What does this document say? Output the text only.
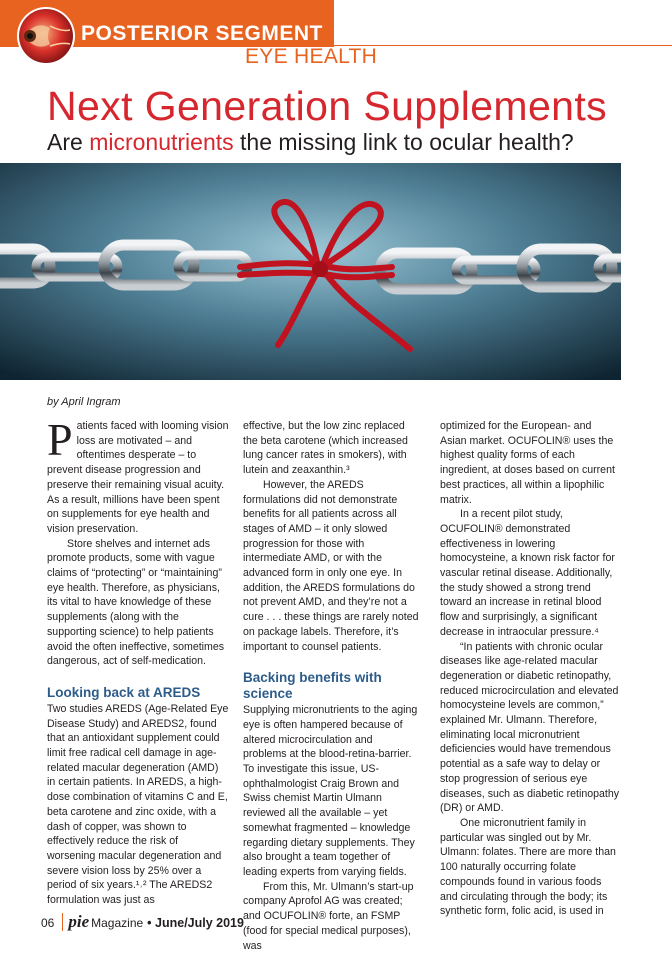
POSTERIOR SEGMENT
EYE HEALTH
Next Generation Supplements
Are micronutrients the missing link to ocular health?
by April Ingram

Patients faced with looming vision loss are motivated – and oftentimes desperate – to prevent disease progression and preserve their remaining visual acuity. As a result, millions have been spent on supplements for eye health and vision preservation.

Store shelves and internet ads promote products, some with vague claims of “protecting” or “maintaining” eye health. Therefore, as physicians, its vital to have knowledge of these supplements (along with the supporting science) to help patients avoid the often ineffective, sometimes dangerous, act of self-medication.

Looking back at AREDS

Two studies AREDS (Age-Related Eye Disease Study) and AREDS2, found that an antioxidant supplement could limit free radical cell damage in age-related macular degeneration (AMD) in certain patients. In AREDS, a high-dose combination of vitamins C and E, beta carotene and zinc oxide, with a dash of copper, was shown to effectively reduce the risk of worsening macular degeneration and severe vision loss by 25% over a period of six years.¹˒² The AREDS2 formulation was just as

effective, but the low zinc replaced the beta carotene (which increased lung cancer rates in smokers), with lutein and zeaxanthin.³

However, the AREDS formulations did not demonstrate benefits for all patients across all stages of AMD – it only slowed progression for those with intermediate AMD, or with the advanced form in only one eye. In addition, the AREDS formulations do not prevent AMD, and they’re not a cure . . . these things are rarely noted on package labels. Therefore, it’s important to counsel patients.

Backing benefits with science

Supplying micronutrients to the aging eye is often hampered because of altered microcirculation and problems at the blood-retina-barrier. To investigate this issue, US-ophthalmologist Craig Brown and Swiss chemist Martin Ulmann reviewed all the available – yet somewhat fragmented – knowledge regarding dietary supplements. They also brought a team together of leading experts from varying fields.

From this, Mr. Ulmann’s start-up company Aprofol AG was created; and OCUFOLIN® forte, an FSMP (food for special medical purposes), was

optimized for the European- and Asian market. OCUFOLIN® uses the highest quality forms of each ingredient, at doses based on current best practices, all within a lipophilic matrix.

In a recent pilot study, OCUFOLIN® demonstrated effectiveness in lowering homocysteine, a known risk factor for vascular retinal disease. Additionally, the study showed a strong trend toward an increase in retinal blood flow and surprisingly, a significant decrease in intraocular pressure.⁴

“In patients with chronic ocular diseases like age-related macular degeneration or diabetic retinopathy, reduced microcirculation and elevated homocysteine levels are common,” explained Mr. Ulmann. Therefore, eliminating local micronutrient deficiencies would have tremendous potential as a safe way to delay or stop progression of serious eye diseases, such as diabetic retinopathy (DR) or AMD.

One micronutrient family in particular was singled out by Mr. Ulmann: folates. There are more than 100 naturally occurring folate compounds found in various foods and circulating through the body; its synthetic form, folic acid, is used in

06 pie Magazine • June/July 2019
